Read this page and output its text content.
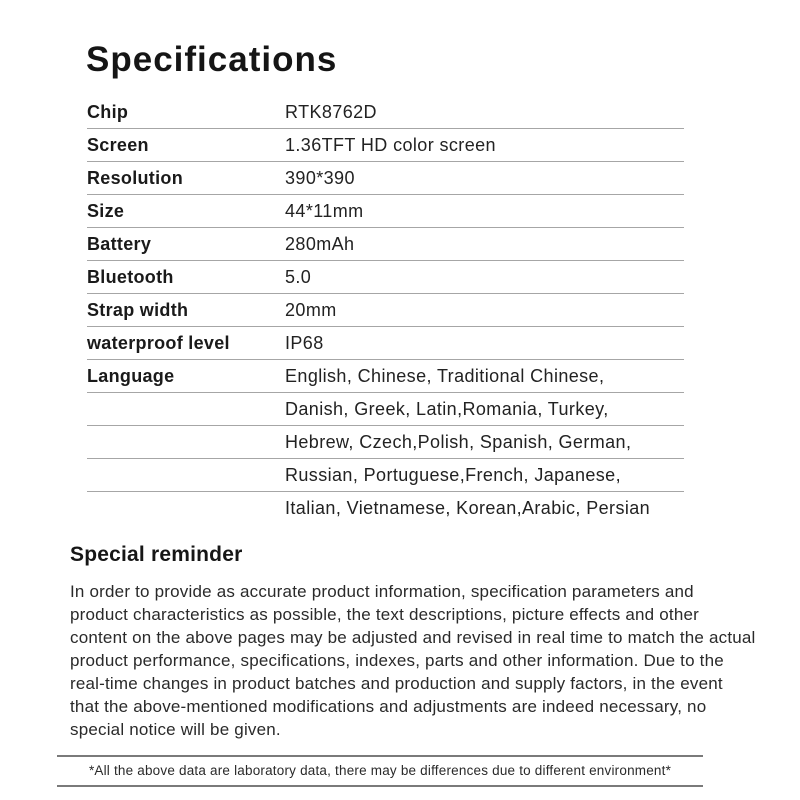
Specifications
Chip	RTK8762D
Screen	1.36TFT HD color screen
Resolution	390*390
Size	44*11mm
Battery	280mAh
Bluetooth	5.0
Strap width	20mm
waterproof level	IP68
Language	English, Chinese, Traditional Chinese,
Danish, Greek, Latin,Romania, Turkey,
Hebrew, Czech,Polish, Spanish, German,
Russian, Portuguese,French, Japanese,
Italian, Vietnamese, Korean,Arabic, Persian
Special reminder

In order to provide as accurate product information, specification parameters and product characteristics as possible, the text descriptions, picture effects and other content on the above pages may be adjusted and revised in real time to match the actual product performance, specifications, indexes, parts and other information. Due to the real-time changes in product batches and production and supply factors, in the event that the above-mentioned modifications and adjustments are indeed necessary, no special notice will be given.

*All the above data are laboratory data, there may be differences due to different environment*
